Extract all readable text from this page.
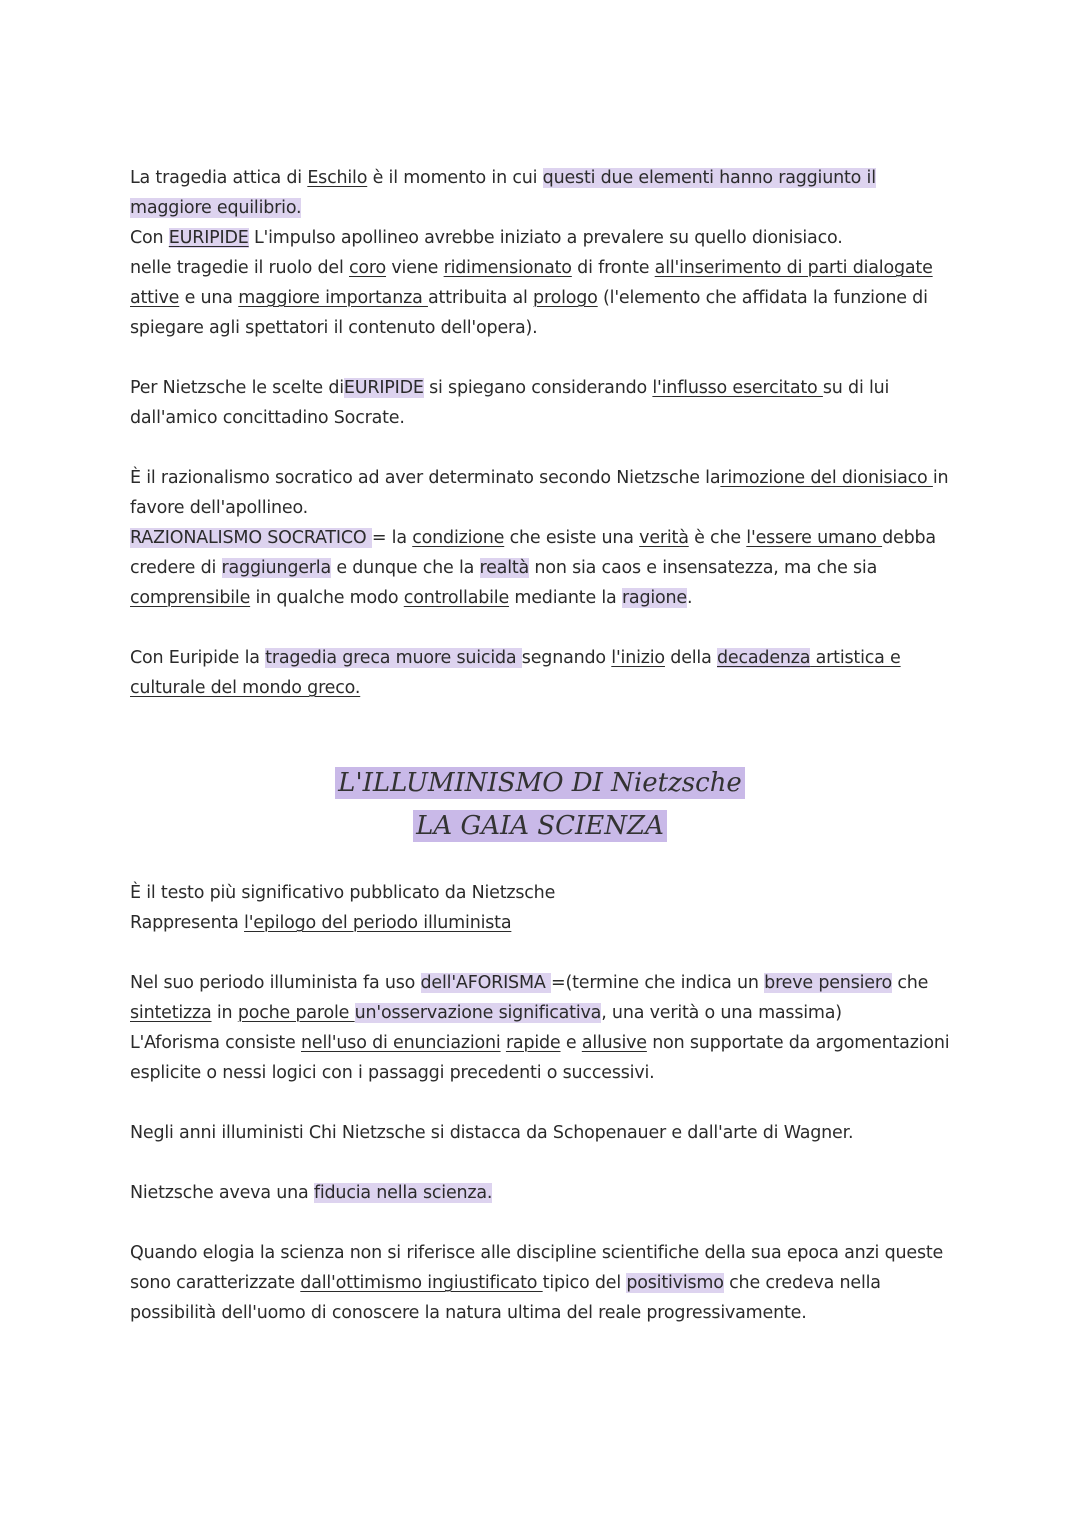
La tragedia attica di Eschilo è il momento in cui questi due elementi hanno raggiunto il maggiore equilibrio.
Con EURIPIDE L'impulso apollineo avrebbe iniziato a prevalere su quello dionisiaco.
nelle tragedie il ruolo del coro viene ridimensionato di fronte all'inserimento di parti dialogate attive e una maggiore importanza attribuita al prologo (l'elemento che affidata la funzione di spiegare agli spettatori il contenuto dell'opera).
Per Nietzsche le scelte diEURIPIDE si spiegano considerando l'influsso esercitato su di lui dall'amico concittadino Socrate.
È il razionalismo socratico ad aver determinato secondo Nietzsche larimozione del dionisiaco in favore dell'apollineo.
RAZIONALISMO SOCRATICO = la condizione che esiste una verità è che l'essere umano debba credere di raggiungerla e dunque che la realtà non sia caos e insensatezza, ma che sia comprensibile in qualche modo controllabile mediante la ragione.
Con Euripide la tragedia greca muore suicida segnando l'inizio della decadenza artistica e culturale del mondo greco.
L'ILLUMINISMO DI Nietzsche
LA GAIA SCIENZA
È il testo più significativo pubblicato da Nietzsche
Rappresenta l'epilogo del periodo illuminista
Nel suo periodo illuminista fa uso dell'AFORISMA =(termine che indica un breve pensiero che sintetizza in poche parole un'osservazione significativa, una verità o una massima)
L'Aforisma consiste nell'uso di enunciazioni rapide e allusive non supportate da argomentazioni esplicite o nessi logici con i passaggi precedenti o successivi.
Negli anni illuministi Chi Nietzsche si distacca da Schopenauer e dall'arte di Wagner.
Nietzsche aveva una fiducia nella scienza.
Quando elogia la scienza non si riferisce alle discipline scientifiche della sua epoca anzi queste sono caratterizzate dall'ottimismo ingiustificato tipico del positivismo che credeva nella possibilità dell'uomo di conoscere la natura ultima del reale progressivamente.
